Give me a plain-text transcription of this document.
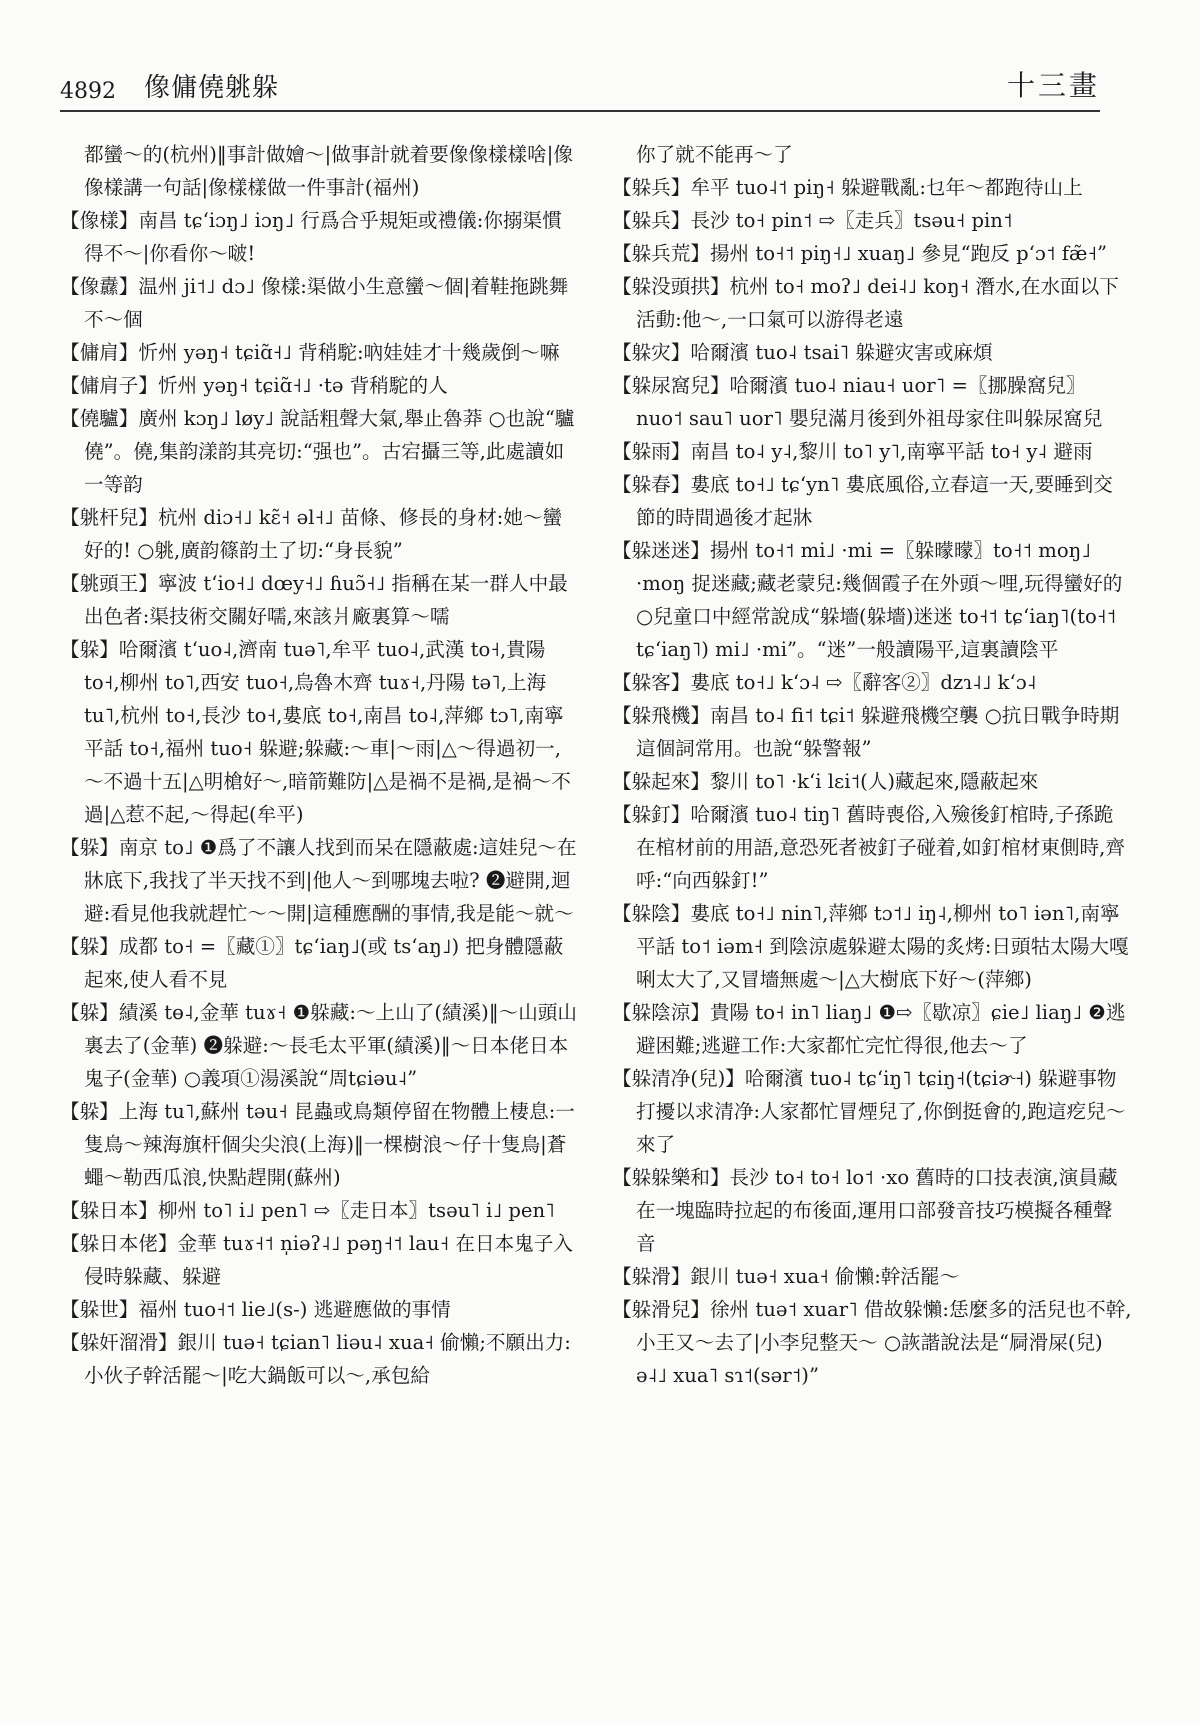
4892 像傭僥䠷躲	十三畫
都蠻～的(杭州)‖事計做嬒～|做事計就着要像像樣樣啥|像像樣講一句話|像樣樣做一件事計(福州)
【像樣】南昌 tɕʻiɔŋ˩ iɔŋ˩ 行爲合乎規矩或禮儀:你搦渠慣得不～|你看你～啵!
【像纛】温州 ji˦˩ dɔ˩ 像樣:渠做小生意蠻～個|着鞋拖跳舞不～個
【傭肩】忻州 yəŋ˧ tɕiɑ̃˧˩ 背稍駝:吶娃娃才十幾歲倒～嘛
【傭肩子】忻州 yəŋ˧ tɕiɑ̃˧˩ ·tə 背稍駝的人
【僥驢】廣州 kɔŋ˩ løy˩ 說話粗聲大氣,舉止魯莽 ○也說“驢僥”。僥,集韵漾韵其亮切:“强也”。古宕攝三等,此處讀如一等韵
【䠷杆兒】杭州 diɔ˧˩ kɛ̃˧ əl˧˩ 苗條、修長的身材:她～蠻好的! ○䠷,廣韵篠韵土了切:“身長貌”
【䠷頭王】寧波 tʻio˧˩ dœy˧˩ ɦuɔ̃˧˩ 指稱在某一群人中最出色者:渠技術交關好嚅,來該爿廠裏算～嚅
【躲】哈爾濱 tʻuo˨,濟南 tuə˥,牟平 tuo˨,武漢 to˧,貴陽 to˧,柳州 to˥,西安 tuo˧,烏魯木齊 tuɤ˧,丹陽 tə˥,上海 tu˥,杭州 to˧,長沙 to˧,婁底 to˧,南昌 to˨,萍鄉 tɔ˥,南寧平話 to˧,福州 tuo˧ 躲避;躲藏:～車|～雨|△～得過初一,～不過十五|△明槍好～,暗箭難防|△是禍不是禍,是禍～不過|△惹不起,～得起(牟平)
【躲】南京 to˩ ❶爲了不讓人找到而呆在隱蔽處:這娃兒～在牀底下,我找了半天找不到|他人～到哪塊去啦? ❷避開,迴避:看見他我就趕忙～～開|這種應酬的事情,我是能～就～
【躲】成都 to˧ =〖藏①〗tɕʻiaŋ˩(或 tsʻaŋ˩) 把身體隱蔽起來,使人看不見
【躲】績溪 tɵ˨,金華 tuɤ˧ ❶躲藏:～上山了(績溪)‖～山頭山裏去了(金華) ❷躲避:～長毛太平軍(績溪)‖～日本佬日本鬼子(金華) ○義項①湯溪說“周tɕiəu˨”
【躲】上海 tu˥,蘇州 təu˧ 昆蟲或鳥類停留在物體上棲息:一隻鳥～辣海旗杆個尖尖浪(上海)‖一棵樹浪～仔十隻鳥|蒼蠅～勒西瓜浪,快點趕開(蘇州)
【躲日本】柳州 to˥ i˩ pen˥ ⇨〖走日本〗tsəu˥ i˩ pen˥
【躲日本佬】金華 tuɤ˧˦ n̩iəʔ˨˩ pəŋ˧˦ lau˧ 在日本鬼子入侵時躲藏、躲避
【躲世】福州 tuo˧˦ lie˩(s-) 逃避應做的事情
【躲奸溜滑】銀川 tuə˧ tɕian˥ liəu˨ xua˧ 偷懶;不願出力:小伙子幹活罷～|吃大鍋飯可以～,承包給
你了就不能再～了
【躲兵】牟平 tuo˨˦ piŋ˧ 躲避戰亂:乜年～都跑待山上
【躲兵】長沙 to˧ pin˦ ⇨〖走兵〗tsəu˧ pin˦
【躲兵荒】揚州 to˧˦ piŋ˧˩ xuaŋ˩ 參見“跑反 pʻɔ˦ fæ̃˧”
【躲没頭拱】杭州 to˧ moʔ˩ dei˨˩ koŋ˧ 潛水,在水面以下活動:他～,一口氣可以游得老遠
【躲灾】哈爾濱 tuo˨ tsai˥ 躲避灾害或麻煩
【躲尿窩兒】哈爾濱 tuo˨ niau˧ uor˥ =〖挪臊窩兒〗nuo˦ sau˥ uor˥ 嬰兒滿月後到外祖母家住叫躲尿窩兒
【躲雨】南昌 to˨ y˨,黎川 to˥ y˥,南寧平話 to˧ y˨ 避雨
【躲春】婁底 to˧˩ tɕʻyn˥ 婁底風俗,立春這一天,要睡到交節的時間過後才起牀
【躲迷迷】揚州 to˧˦ mi˩ ·mi =〖躲曚曚〗to˧˦ moŋ˩ ·moŋ 捉迷藏;藏老蒙兒:幾個霞子在外頭～哩,玩得蠻好的 ○兒童口中經常說成“躲墻(躲墻)迷迷 to˧˦ tɕʻiaŋ˥(to˧˦ tɕʻiaŋ˥) mi˩ ·mi”。“迷”一般讀陽平,這裏讀陰平
【躲客】婁底 to˧˩ kʻɔ˨ ⇨〖辭客②〗dzɿ˨˩ kʻɔ˨
【躲飛機】南昌 to˨ fi˦ tɕi˦ 躲避飛機空襲 ○抗日戰争時期這個詞常用。也說“躲警報”
【躲起來】黎川 to˥ ·kʻi lɛi˦(人)藏起來,隱蔽起來
【躲釘】哈爾濱 tuo˨ tiŋ˥ 舊時喪俗,入殮後釘棺時,子孫跪在棺材前的用語,意恐死者被釘子碰着,如釘棺材東側時,齊呼:“向西躲釘!”
【躲陰】婁底 to˧˩ nin˥,萍鄉 tɔ˦˩ iŋ˨,柳州 to˥ iən˥,南寧平話 to˦ iəm˧ 到陰涼處躲避太陽的炙烤:日頭牯太陽大嘎唎太大了,又冒墻無處～|△大樹底下好～(萍鄉)
【躲陰涼】貴陽 to˧ in˥ liaŋ˩ ❶⇨〖歇凉〗ɕie˩ liaŋ˩ ❷逃避困難;逃避工作:大家都忙完忙得很,他去～了
【躲清净(兒)】哈爾濱 tuo˨ tɕʻiŋ˥ tɕiŋ˧(tɕiɚ˧) 躲避事物打擾以求清净:人家都忙冒煙兒了,你倒挺會的,跑這疙兒～來了
【躲躲樂和】長沙 to˧ to˧ lo˦ ·xo 舊時的口技表演,演員藏在一塊臨時拉起的布後面,運用口部發音技巧模擬各種聲音
【躲滑】銀川 tuə˧ xua˧ 偷懶:幹活罷～
【躲滑兒】徐州 tuə˦ xuar˥ 借故躲懶:恁麼多的活兒也不幹,小王又～去了|小李兒整天～ ○詼諧說法是“屙滑屎(兒) ə˨˩ xua˥ sɿ˦(sər˦)”
